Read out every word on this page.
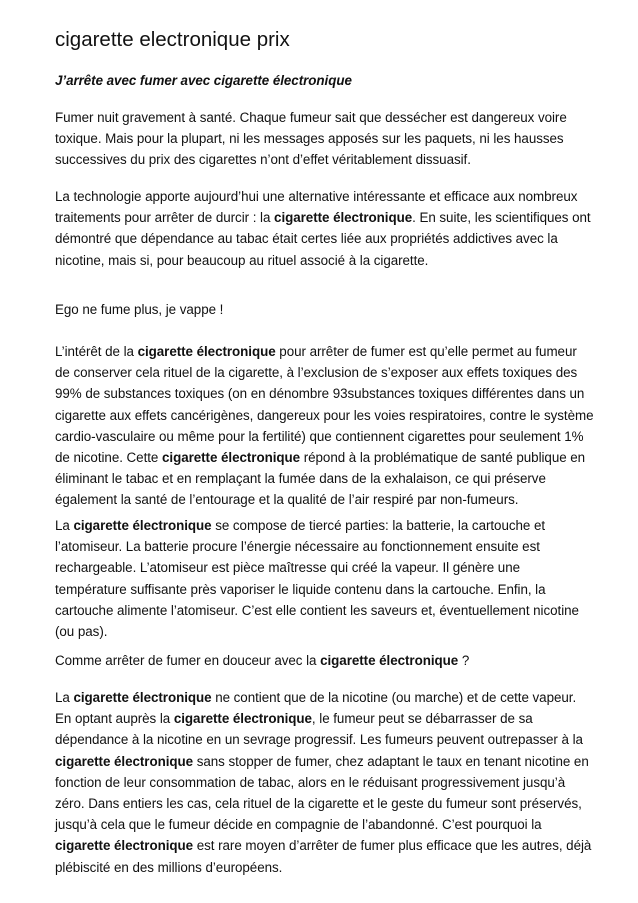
cigarette electronique prix

J’arrête avec fumer avec cigarette électronique

Fumer nuit gravement à santé. Chaque fumeur sait que dessécher est dangereux voire toxique. Mais pour la plupart, ni les messages apposés sur les paquets, ni les hausses successives du prix des cigarettes n’ont d’effet véritablement dissuasif.

La technologie apporte aujourd’hui une alternative intéressante et efficace aux nombreux traitements pour arrêter de durcir : la cigarette électronique. En suite, les scientifiques ont démontré que dépendance au tabac était certes liée aux propriétés addictives avec la nicotine, mais si, pour beaucoup au rituel associé à la cigarette.

Ego ne fume plus, je vappe !

L’intérêt de la cigarette électronique pour arrêter de fumer est qu’elle permet au fumeur de conserver cela rituel de la cigarette, à l’exclusion de s’exposer aux effets toxiques des 99% de substances toxiques (on en dénombre 93substances toxiques différentes dans un cigarette aux effets cancérigènes, dangereux pour les voies respiratoires, contre le système cardio-vasculaire ou même pour la fertilité) que contiennent cigarettes pour seulement 1% de nicotine. Cette cigarette électronique répond à la problématique de santé publique en éliminant le tabac et en remplaçant la fumée dans de la exhalaison, ce qui préserve également la santé de l’entourage et la qualité de l’air respiré par non-fumeurs.

La cigarette électronique se compose de tiercé parties: la batterie, la cartouche et l’atomiseur. La batterie procure l’énergie nécessaire au fonctionnement ensuite est rechargeable. L’atomiseur est pièce maîtresse qui créé la vapeur. Il génère une température suffisante près vaporiser le liquide contenu dans la cartouche. Enfin, la cartouche alimente l’atomiseur. C’est elle contient les saveurs et, éventuellement nicotine (ou pas).

Comme arrêter de fumer en douceur avec la cigarette électronique ?

La cigarette électronique ne contient que de la nicotine (ou marche) et de cette vapeur. En optant auprès la cigarette électronique, le fumeur peut se débarrasser de sa dépendance à la nicotine en un sevrage progressif. Les fumeurs peuvent outrepasser à la cigarette électronique sans stopper de fumer, chez adaptant le taux en tenant nicotine en fonction de leur consommation de tabac, alors en le réduisant progressivement jusqu’à zéro. Dans entiers les cas, cela rituel de la cigarette et le geste du fumeur sont préservés, jusqu’à cela que le fumeur décide en compagnie de l’abandonné. C’est pourquoi la cigarette électronique est rare moyen d’arrêter de fumer plus efficace que les autres, déjà plébiscité en des millions d’européens.
